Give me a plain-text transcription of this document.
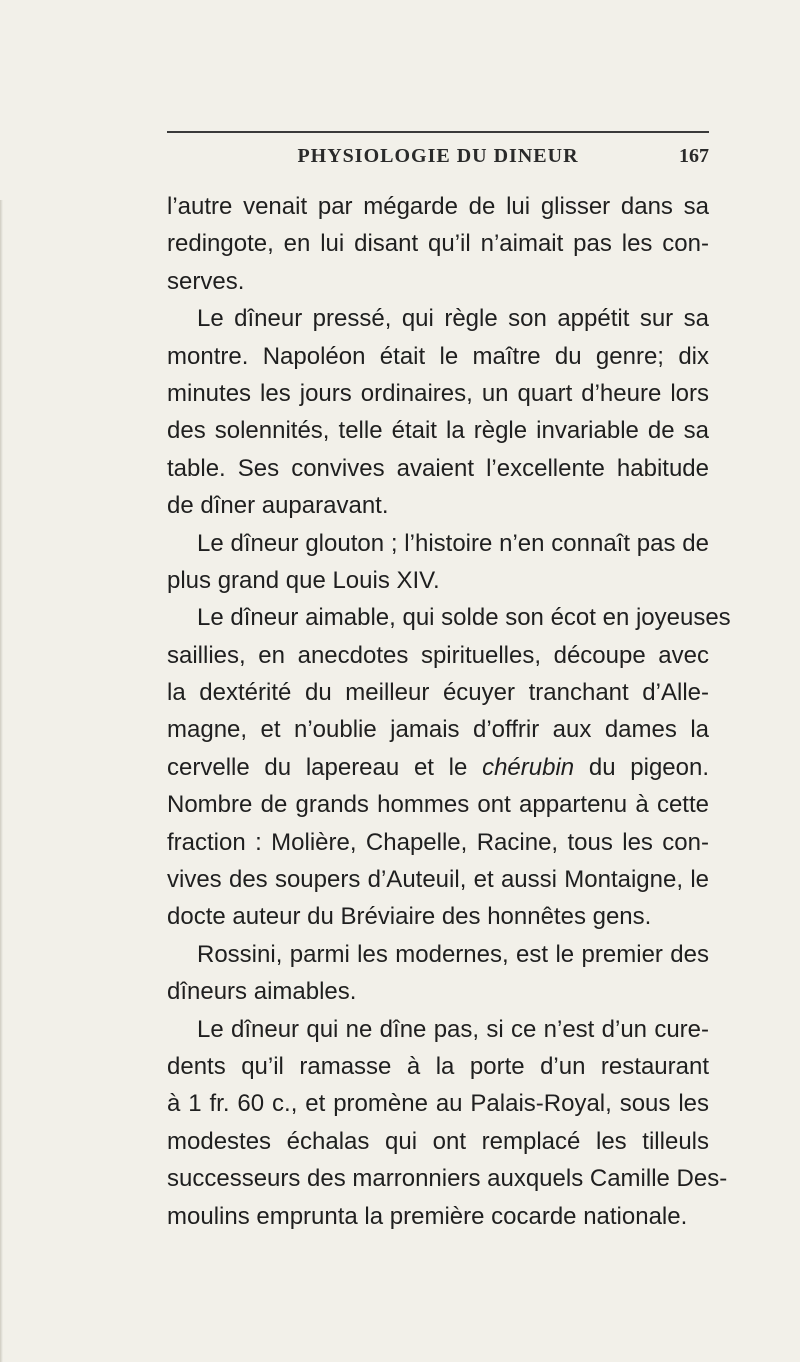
PHYSIOLOGIE DU DINEUR	167
l’autre venait par mégarde de lui glisser dans sa
redingote, en lui disant qu’il n’aimait pas les con-
serves.
Le dîneur pressé, qui règle son appétit sur sa
montre. Napoléon était le maître du genre; dix
minutes les jours ordinaires, un quart d’heure lors
des solennités, telle était la règle invariable de sa
table. Ses convives avaient l’excellente habitude
de dîner auparavant.
Le dîneur glouton ; l’histoire n’en connaît pas de
plus grand que Louis XIV.
Le dîneur aimable, qui solde son écot en joyeuses
saillies, en anecdotes spirituelles, découpe avec
la dextérité du meilleur écuyer tranchant d’Alle-
magne, et n’oublie jamais d’offrir aux dames la
cervelle du lapereau et le chérubin du pigeon.
Nombre de grands hommes ont appartenu à cette
fraction : Molière, Chapelle, Racine, tous les con-
vives des soupers d’Auteuil, et aussi Montaigne, le
docte auteur du Bréviaire des honnêtes gens.
Rossini, parmi les modernes, est le premier des
dîneurs aimables.
Le dîneur qui ne dîne pas, si ce n’est d’un cure-
dents qu’il ramasse à la porte d’un restaurant
à 1 fr. 60 c., et promène au Palais-Royal, sous les
modestes échalas qui ont remplacé les tilleuls
successeurs des marronniers auxquels Camille Des-
moulins emprunta la première cocarde nationale.
